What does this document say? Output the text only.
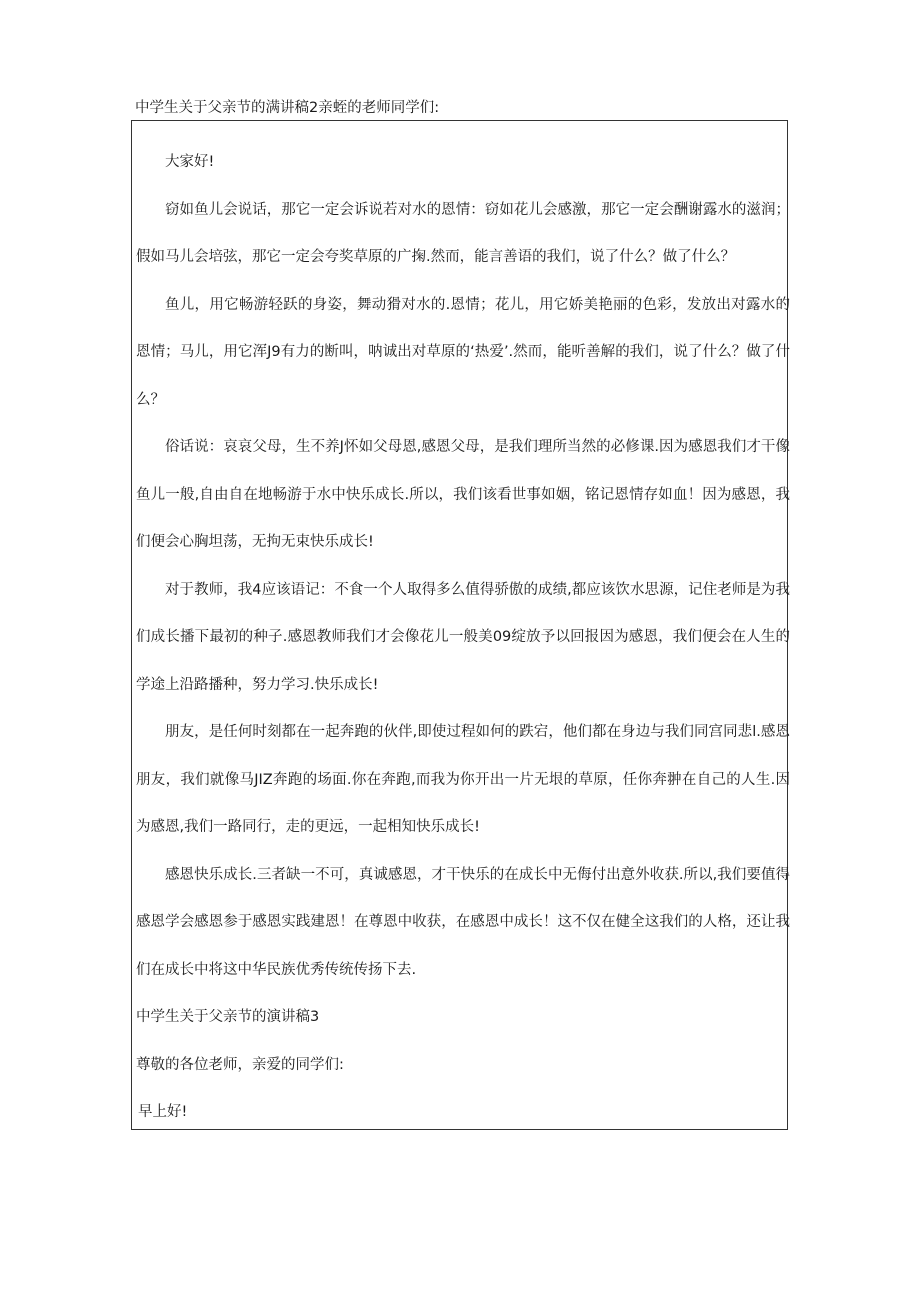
中学生关于父亲节的满讲稿2亲蛭的老师同学们:

大家好!

窃如鱼儿会说话，那它一定会诉说若对水的恩情：窃如花儿会感激，那它一定会酬谢露水的滋润；假如马儿会培弦，那它一定会夸奖草原的广掬.然而，能言善语的我们，说了什么？做了什么？

鱼儿，用它畅游轻跃的身姿，舞动猾对水的.恩情；花儿，用它娇美艳丽的色彩，发放出对露水的恩情；马儿，用它浑J9有力的断叫，呐诚出对草原的‘热爱’.然而，能听善解的我们，说了什么？做了什么？

俗话说：哀哀父母，生不养J怀如父母恩,感恩父母，是我们理所当然的必修课.因为感恩我们才干像鱼儿一般,自由自在地畅游于水中快乐成长.所以，我们该看世事如姻，铭记恩情存如血！因为感恩，我们便会心胸坦荡，无拘无束快乐成长!

对于教师，我4应该语记：不食一个人取得多么值得骄傲的成绩,都应该饮水思源，记住老师是为我们成长播下最初的种子.感恩教师我们才会像花儿一般美09绽放予以回报因为感恩，我们便会在人生的学途上沿路播种，努力学习.快乐成长!

朋友，是任何时刻都在一起奔跑的伙伴,即使过程如何的跌宕，他们都在身边与我们同宫同悲l.感恩朋友，我们就像马JIZ奔跑的场面.你在奔跑,而我为你开出一片无垠的草原，任你奔翀在自己的人生.因为感恩,我们一路同行，走的更远，一起相知快乐成长!

感恩快乐成长.三者缺一不可，真诚感恩，才干快乐的在成长中无侮付出意外收获.所以,我们要值得感恩学会感恩参于感恩实践建恩！在尊恩中收获，在感恩中成长！这不仅在健全这我们的人格，还让我们在成长中将这中华民族优秀传统传扬下去.

中学生关于父亲节的演讲稿3

尊敬的各位老师，亲爱的同学们:

早上好!
